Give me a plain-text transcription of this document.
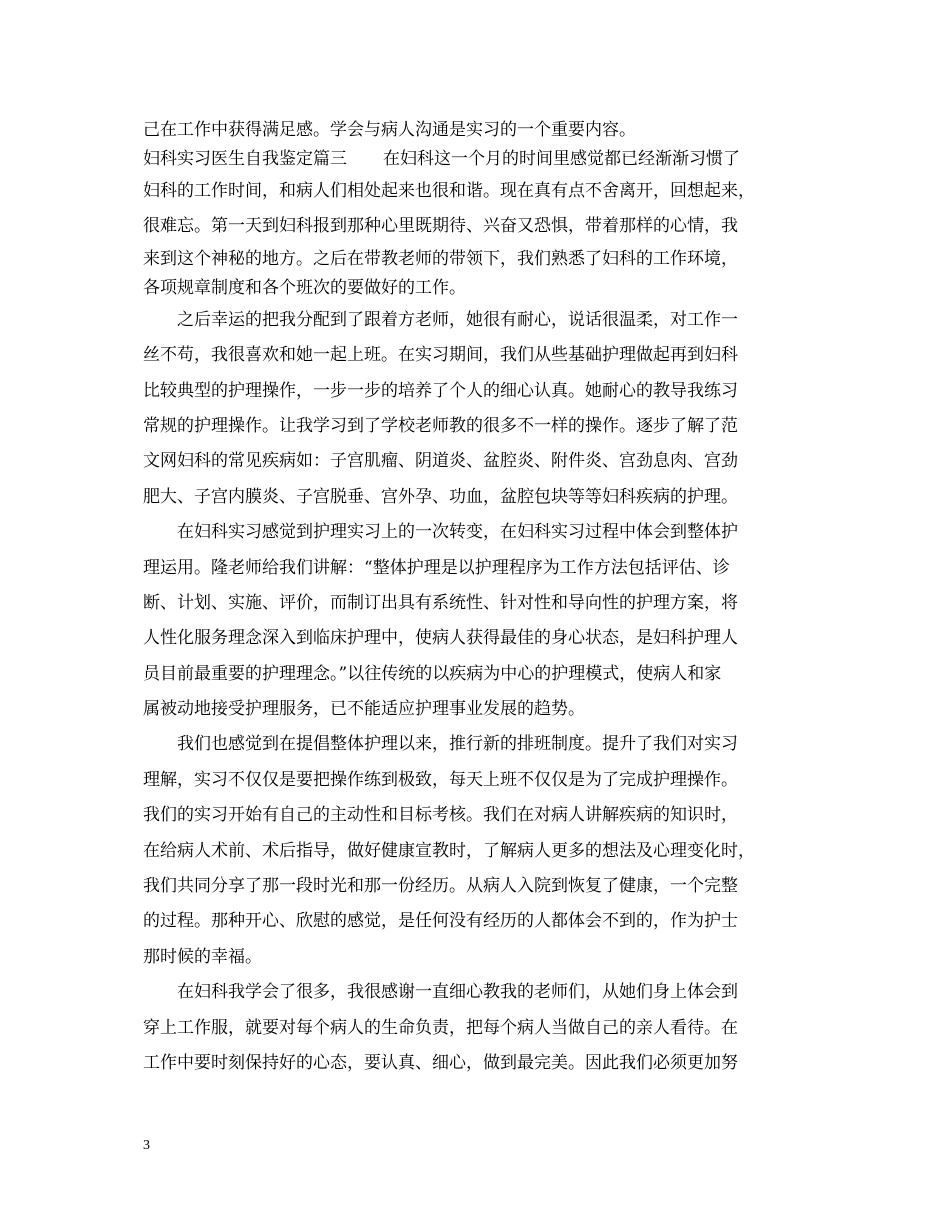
己在工作中获得满足感。学会与病人沟通是实习的一个重要内容。
妇科实习医生自我鉴定篇三 在妇科这一个月的时间里感觉都已经渐渐习惯了
妇科的工作时间，和病人们相处起来也很和谐。现在真有点不舍离开，回想起来，
很难忘。第一天到妇科报到那种心里既期待、兴奋又恐惧，带着那样的心情，我
来到这个神秘的地方。之后在带教老师的带领下，我们熟悉了妇科的工作环境，
各项规章制度和各个班次的要做好的工作。
　　之后幸运的把我分配到了跟着方老师，她很有耐心，说话很温柔，对工作一
丝不苟，我很喜欢和她一起上班。在实习期间，我们从些基础护理做起再到妇科
比较典型的护理操作，一步一步的培养了个人的细心认真。她耐心的教导我练习
常规的护理操作。让我学习到了学校老师教的很多不一样的操作。逐步了解了范
文网妇科的常见疾病如：子宫肌瘤、阴道炎、盆腔炎、附件炎、宫劲息肉、宫劲
肥大、子宫内膜炎、子宫脱垂、宫外孕、功血，盆腔包块等等妇科疾病的护理。
　　在妇科实习感觉到护理实习上的一次转变，在妇科实习过程中体会到整体护
理运用。隆老师给我们讲解：“整体护理是以护理程序为工作方法包括评估、诊
断、计划、实施、评价，而制订出具有系统性、针对性和导向性的护理方案，将
人性化服务理念深入到临床护理中，使病人获得最佳的身心状态，是妇科护理人
员目前最重要的护理理念。”以往传统的以疾病为中心的护理模式，使病人和家
属被动地接受护理服务，已不能适应护理事业发展的趋势。
　　我们也感觉到在提倡整体护理以来，推行新的排班制度。提升了我们对实习
理解，实习不仅仅是要把操作练到极致，每天上班不仅仅是为了完成护理操作。
我们的实习开始有自己的主动性和目标考核。我们在对病人讲解疾病的知识时，
在给病人术前、术后指导，做好健康宣教时，了解病人更多的想法及心理变化时，
我们共同分享了那一段时光和那一份经历。从病人入院到恢复了健康，一个完整
的过程。那种开心、欣慰的感觉，是任何没有经历的人都体会不到的，作为护士
那时候的幸福。
　　在妇科我学会了很多，我很感谢一直细心教我的老师们，从她们身上体会到
穿上工作服，就要对每个病人的生命负责，把每个病人当做自己的亲人看待。在
工作中要时刻保持好的心态，要认真、细心，做到最完美。因此我们必须更加努
3
